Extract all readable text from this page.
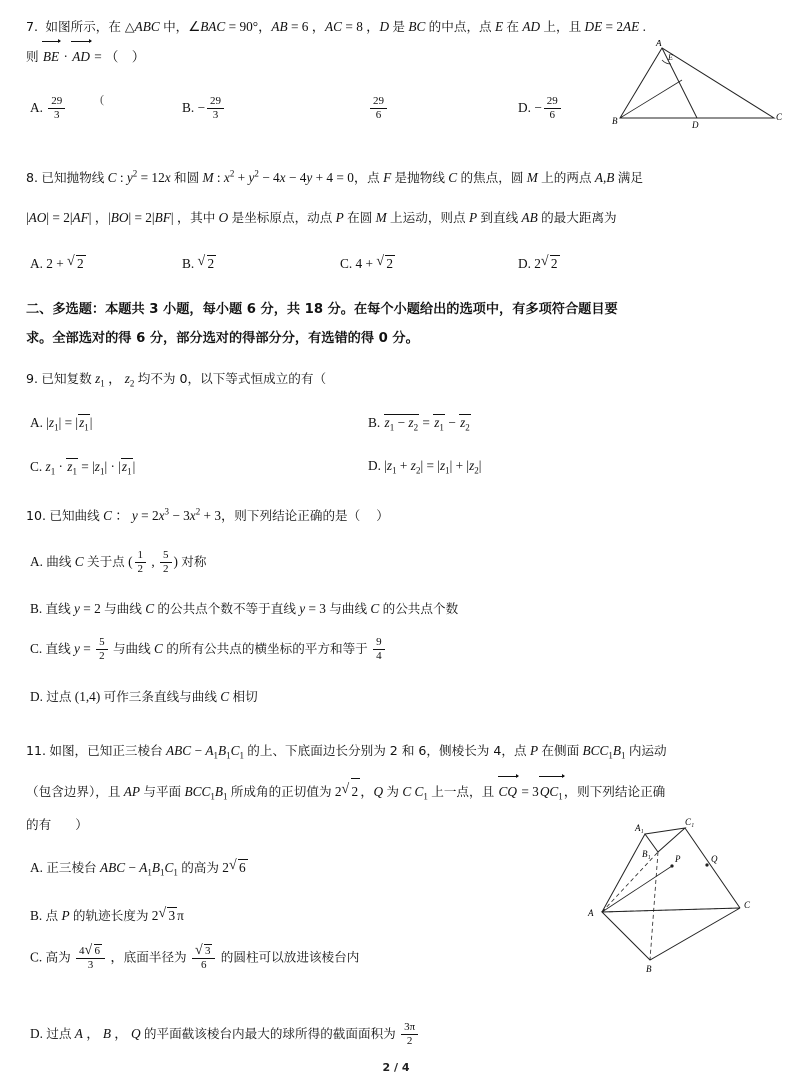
7. 如图所示，在 △ABC 中，∠BAC = 90°，AB = 6 ，AC = 8 ，D 是 BC 的中点，点 E 在 AD 上，且 DE = 2AE .
则 BE · AD = （    ）
A. $\frac{29}{3}$	B. − $\frac{29}{3}$	$\frac{29}{6}$	D. − $\frac{29}{6}$
(
A
E
B	C
D
8. 已知抛物线 C : $y^2 = 12x$ 和圆 M : $x^2 + y^2 - 4x - 4y + 4 = 0$，点 F 是抛物线 C 的焦点，圆 M 上的两点 A,B 满足
|AO| = 2|AF| ，|BO| = 2|BF| ，其中 O 是坐标原点，动点 P 在圆 M 上运动，则点 P 到直线 AB 的最大距离为
A. 2 + √ 2	B. √ 2	C. 4 + √ 2	D. 2 √ 2
二、多选题：本题共 3 小题，每小题 6 分，共 18 分。在每个小题给出的选项中，有多项符合题目要
求。全部选对的得 6 分，部分选对的得部分分，有选错的得 0 分。
9. 已知复数 $z_1$ ， $z_2$ 均不为 0，以下等式恒成立的有（
A. $|z_1| = |z_1|$	B. $z_1 - z_2 = z_1 - z_2$
C. $z_1 \cdot z_1 = |z_1| \cdot |z_1|$	D. $|z_1 + z_2| = |z_1| + |z_2|$
10. 已知曲线 C ： $y = 2x^3 - 3x^2 + 3$，则下列结论正确的是（    ）
A. 曲线 C 关于点 ( $\frac{1}{2}$ , $\frac{5}{2}$ ) 对称
B. 直线 y = 2 与曲线 C 的公共点个数不等于直线 y = 3 与曲线 C 的公共点个数
C. 直线 $y = \frac{5}{2}$ 与曲线 C 的所有公共点的横坐标的平方和等于 $\frac{9}{4}$
D. 过点 (1,4) 可作三条直线与曲线 C 相切
11. 如图，已知正三棱台 ABC − $A_1B_1C_1$ 的上、下底面边长分别为 2 和 6，侧棱长为 4，点 P 在侧面 $BCC_1B_1$ 内运动
（包含边界），且 AP 与平面 $BCC_1B_1$ 所成角的正切值为 2 √ 2 ，Q 为 C $C_1$ 上一点，且 CQ = $3QC_1$，则下列结论正确
的有      ）
A. 正三棱台 ABC − $A_1B_1C_1$ 的高为 2 √ 6
B. 点 P 的轨迹长度为 2 √ 3 π
C. 高为 $\frac{4 √ 6}{3}$ ，底面半径为 √ $\frac{3}{6}$ 的圆柱可以放进该棱台内
D. 过点 A ， B ， Q 的平面截该棱台内最大的球所得的截面面积为 $\frac{3\pi}{2}$
A₁
C₁
B₁	P	Q
A
C
B
2 / 4
